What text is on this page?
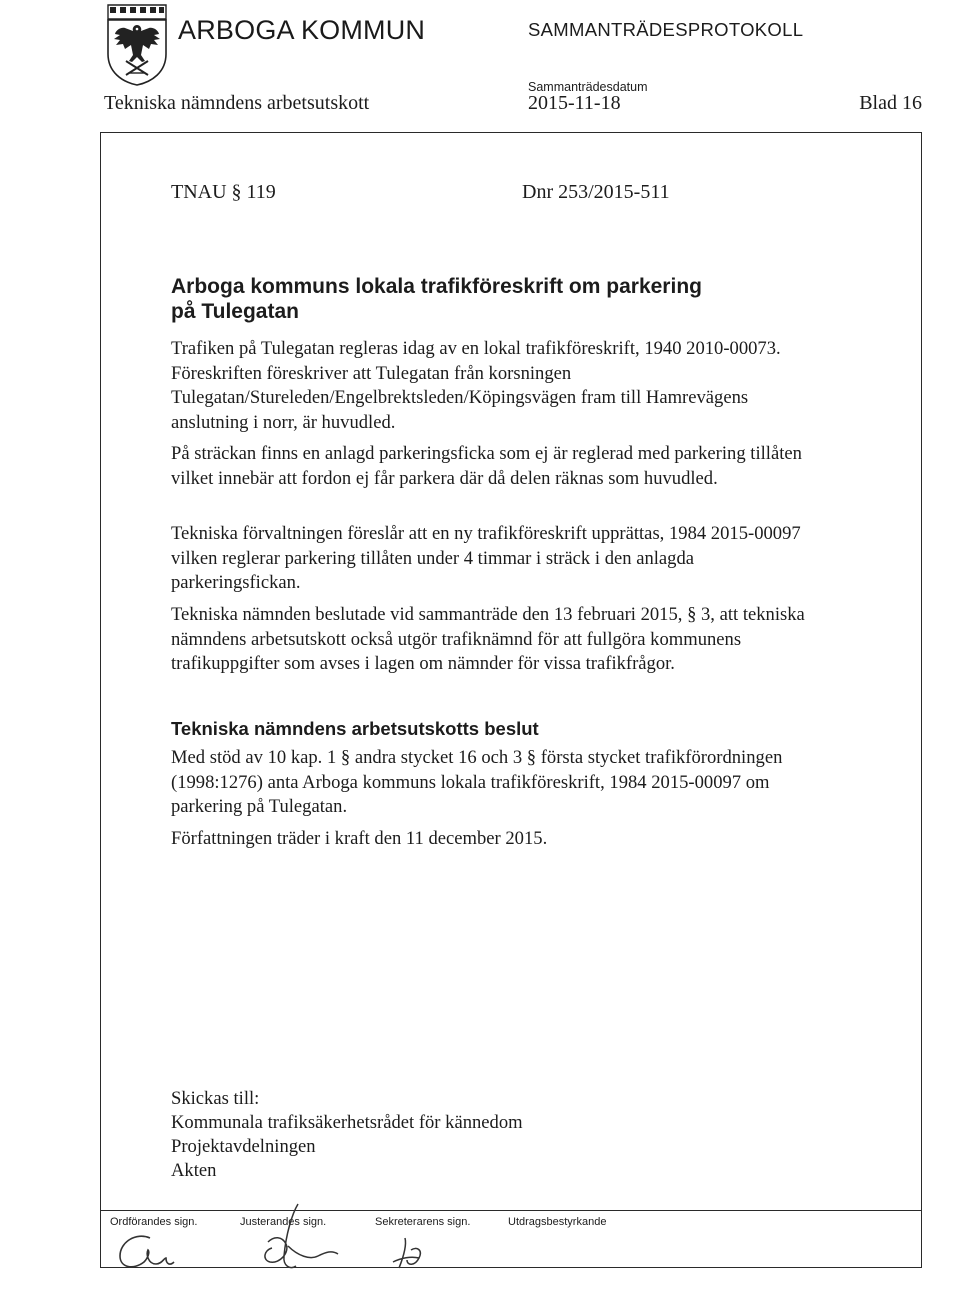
ARBOGA KOMMUN	SAMMANTRÄDESPROTOKOLL
Sammanträdesdatum
Tekniska nämndens arbetsutskott	2015-11-18	Blad 16
TNAU § 119	Dnr 253/2015-511
Arboga kommuns lokala trafikföreskrift om parkering på Tulegatan

Trafiken på Tulegatan regleras idag av en lokal trafikföreskrift, 1940 2010-00073. Föreskriften föreskriver att Tulegatan från korsningen Tulegatan/Stureleden/Engelbrektsleden/Köpingsvägen fram till Hamrevägens anslutning i norr, är huvudled.

På sträckan finns en anlagd parkeringsficka som ej är reglerad med parkering tillåten vilket innebär att fordon ej får parkera där då delen räknas som huvudled.

Tekniska förvaltningen föreslår att en ny trafikföreskrift upprättas, 1984 2015-00097 vilken reglerar parkering tillåten under 4 timmar i sträck i den anlagda parkeringsfickan.

Tekniska nämnden beslutade vid sammanträde den 13 februari 2015, § 3, att tekniska nämndens arbetsutskott också utgör trafiknämnd för att fullgöra kommunens trafikuppgifter som avses i lagen om nämnder för vissa trafikfrågor.

Tekniska nämndens arbetsutskotts beslut

Med stöd av 10 kap. 1 § andra stycket 16 och 3 § första stycket trafikförordningen (1998:1276) anta Arboga kommuns lokala trafikföreskrift, 1984 2015-00097 om parkering på Tulegatan.

Författningen träder i kraft den 11 december 2015.

Skickas till:
Kommunala trafiksäkerhetsrådet för kännedom
Projektavdelningen
Akten
Ordförandes sign.	Justerandes sign.	Sekreterarens sign.	Utdragsbestyrkande
